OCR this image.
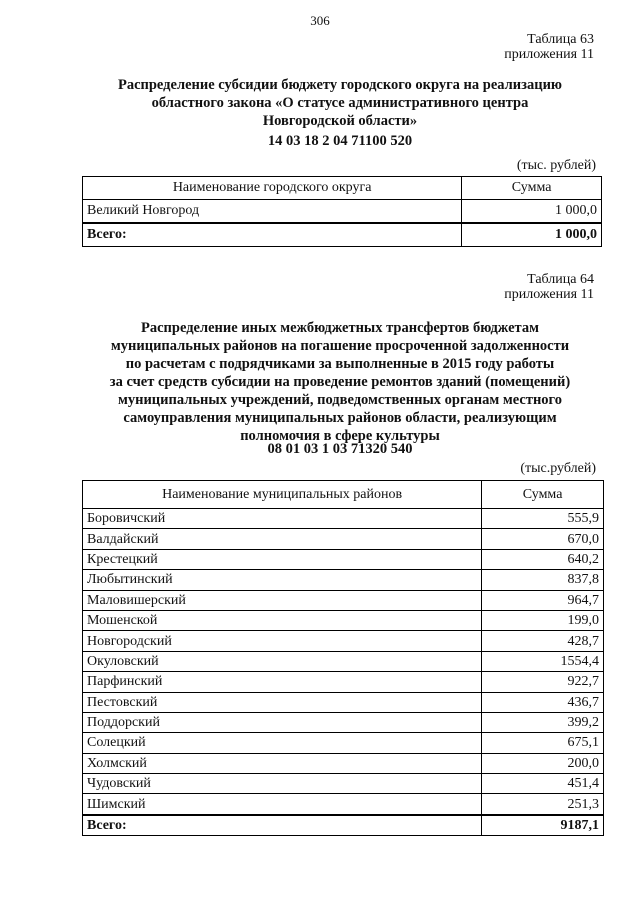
306
Таблица 63
приложения 11
Распределение субсидии бюджету городского округа на реализацию
областного закона «О статусе административного центра
Новгородской области»
14 03 18 2 04 71100 520
(тыс. рублей)
Наименование городского округа	Сумма
Великий Новгород	1 000,0
Всего:	1 000,0
Таблица 64
приложения 11
Распределение иных межбюджетных трансфертов бюджетам
муниципальных районов на погашение просроченной задолженности
по расчетам с подрядчиками за выполненные в 2015 году работы
за счет средств субсидии на проведение ремонтов зданий (помещений)
муниципальных учреждений, подведомственных органам местного
самоуправления муниципальных районов области, реализующим
полномочия в сфере культуры
08 01 03 1 03 71320 540
(тыс.рублей)
Наименование муниципальных районов	Сумма
Боровичский	555,9
Валдайский	670,0
Крестецкий	640,2
Любытинский	837,8
Маловишерский	964,7
Мошенской	199,0
Новгородский	428,7
Окуловский	1554,4
Парфинский	922,7
Пестовский	436,7
Поддорский	399,2
Солецкий	675,1
Холмский	200,0
Чудовский	451,4
Шимский	251,3
Всего:	9187,1
